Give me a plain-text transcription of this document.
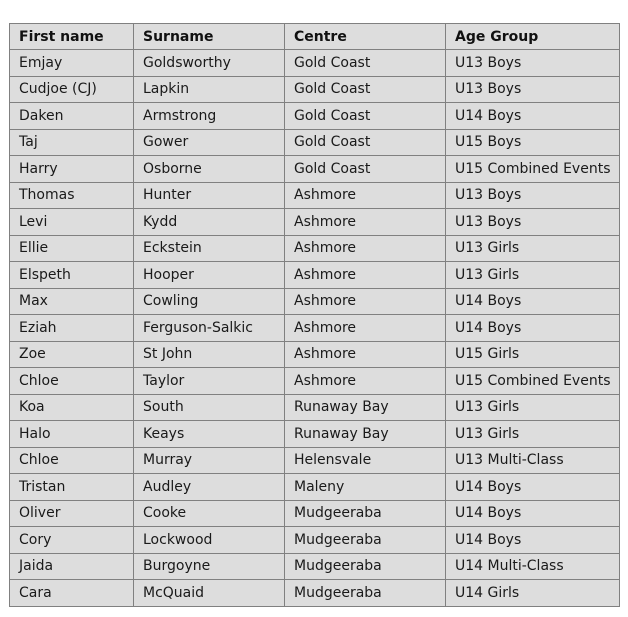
First name	Surname	Centre	Age Group
Emjay	Goldsworthy	Gold Coast	U13 Boys
Cudjoe (CJ)	Lapkin	Gold Coast	U13 Boys
Daken	Armstrong	Gold Coast	U14 Boys
Taj	Gower	Gold Coast	U15 Boys
Harry	Osborne	Gold Coast	U15 Combined Events
Thomas	Hunter	Ashmore	U13 Boys
Levi	Kydd	Ashmore	U13 Boys
Ellie	Eckstein	Ashmore	U13 Girls
Elspeth	Hooper	Ashmore	U13 Girls
Max	Cowling	Ashmore	U14 Boys
Eziah	Ferguson-Salkic	Ashmore	U14 Boys
Zoe	St John	Ashmore	U15 Girls
Chloe	Taylor	Ashmore	U15 Combined Events
Koa	South	Runaway Bay	U13 Girls
Halo	Keays	Runaway Bay	U13 Girls
Chloe	Murray	Helensvale	U13 Multi-Class
Tristan	Audley	Maleny	U14 Boys
Oliver	Cooke	Mudgeeraba	U14 Boys
Cory	Lockwood	Mudgeeraba	U14 Boys
Jaida	Burgoyne	Mudgeeraba	U14 Multi-Class
Cara	McQuaid	Mudgeeraba	U14 Girls
